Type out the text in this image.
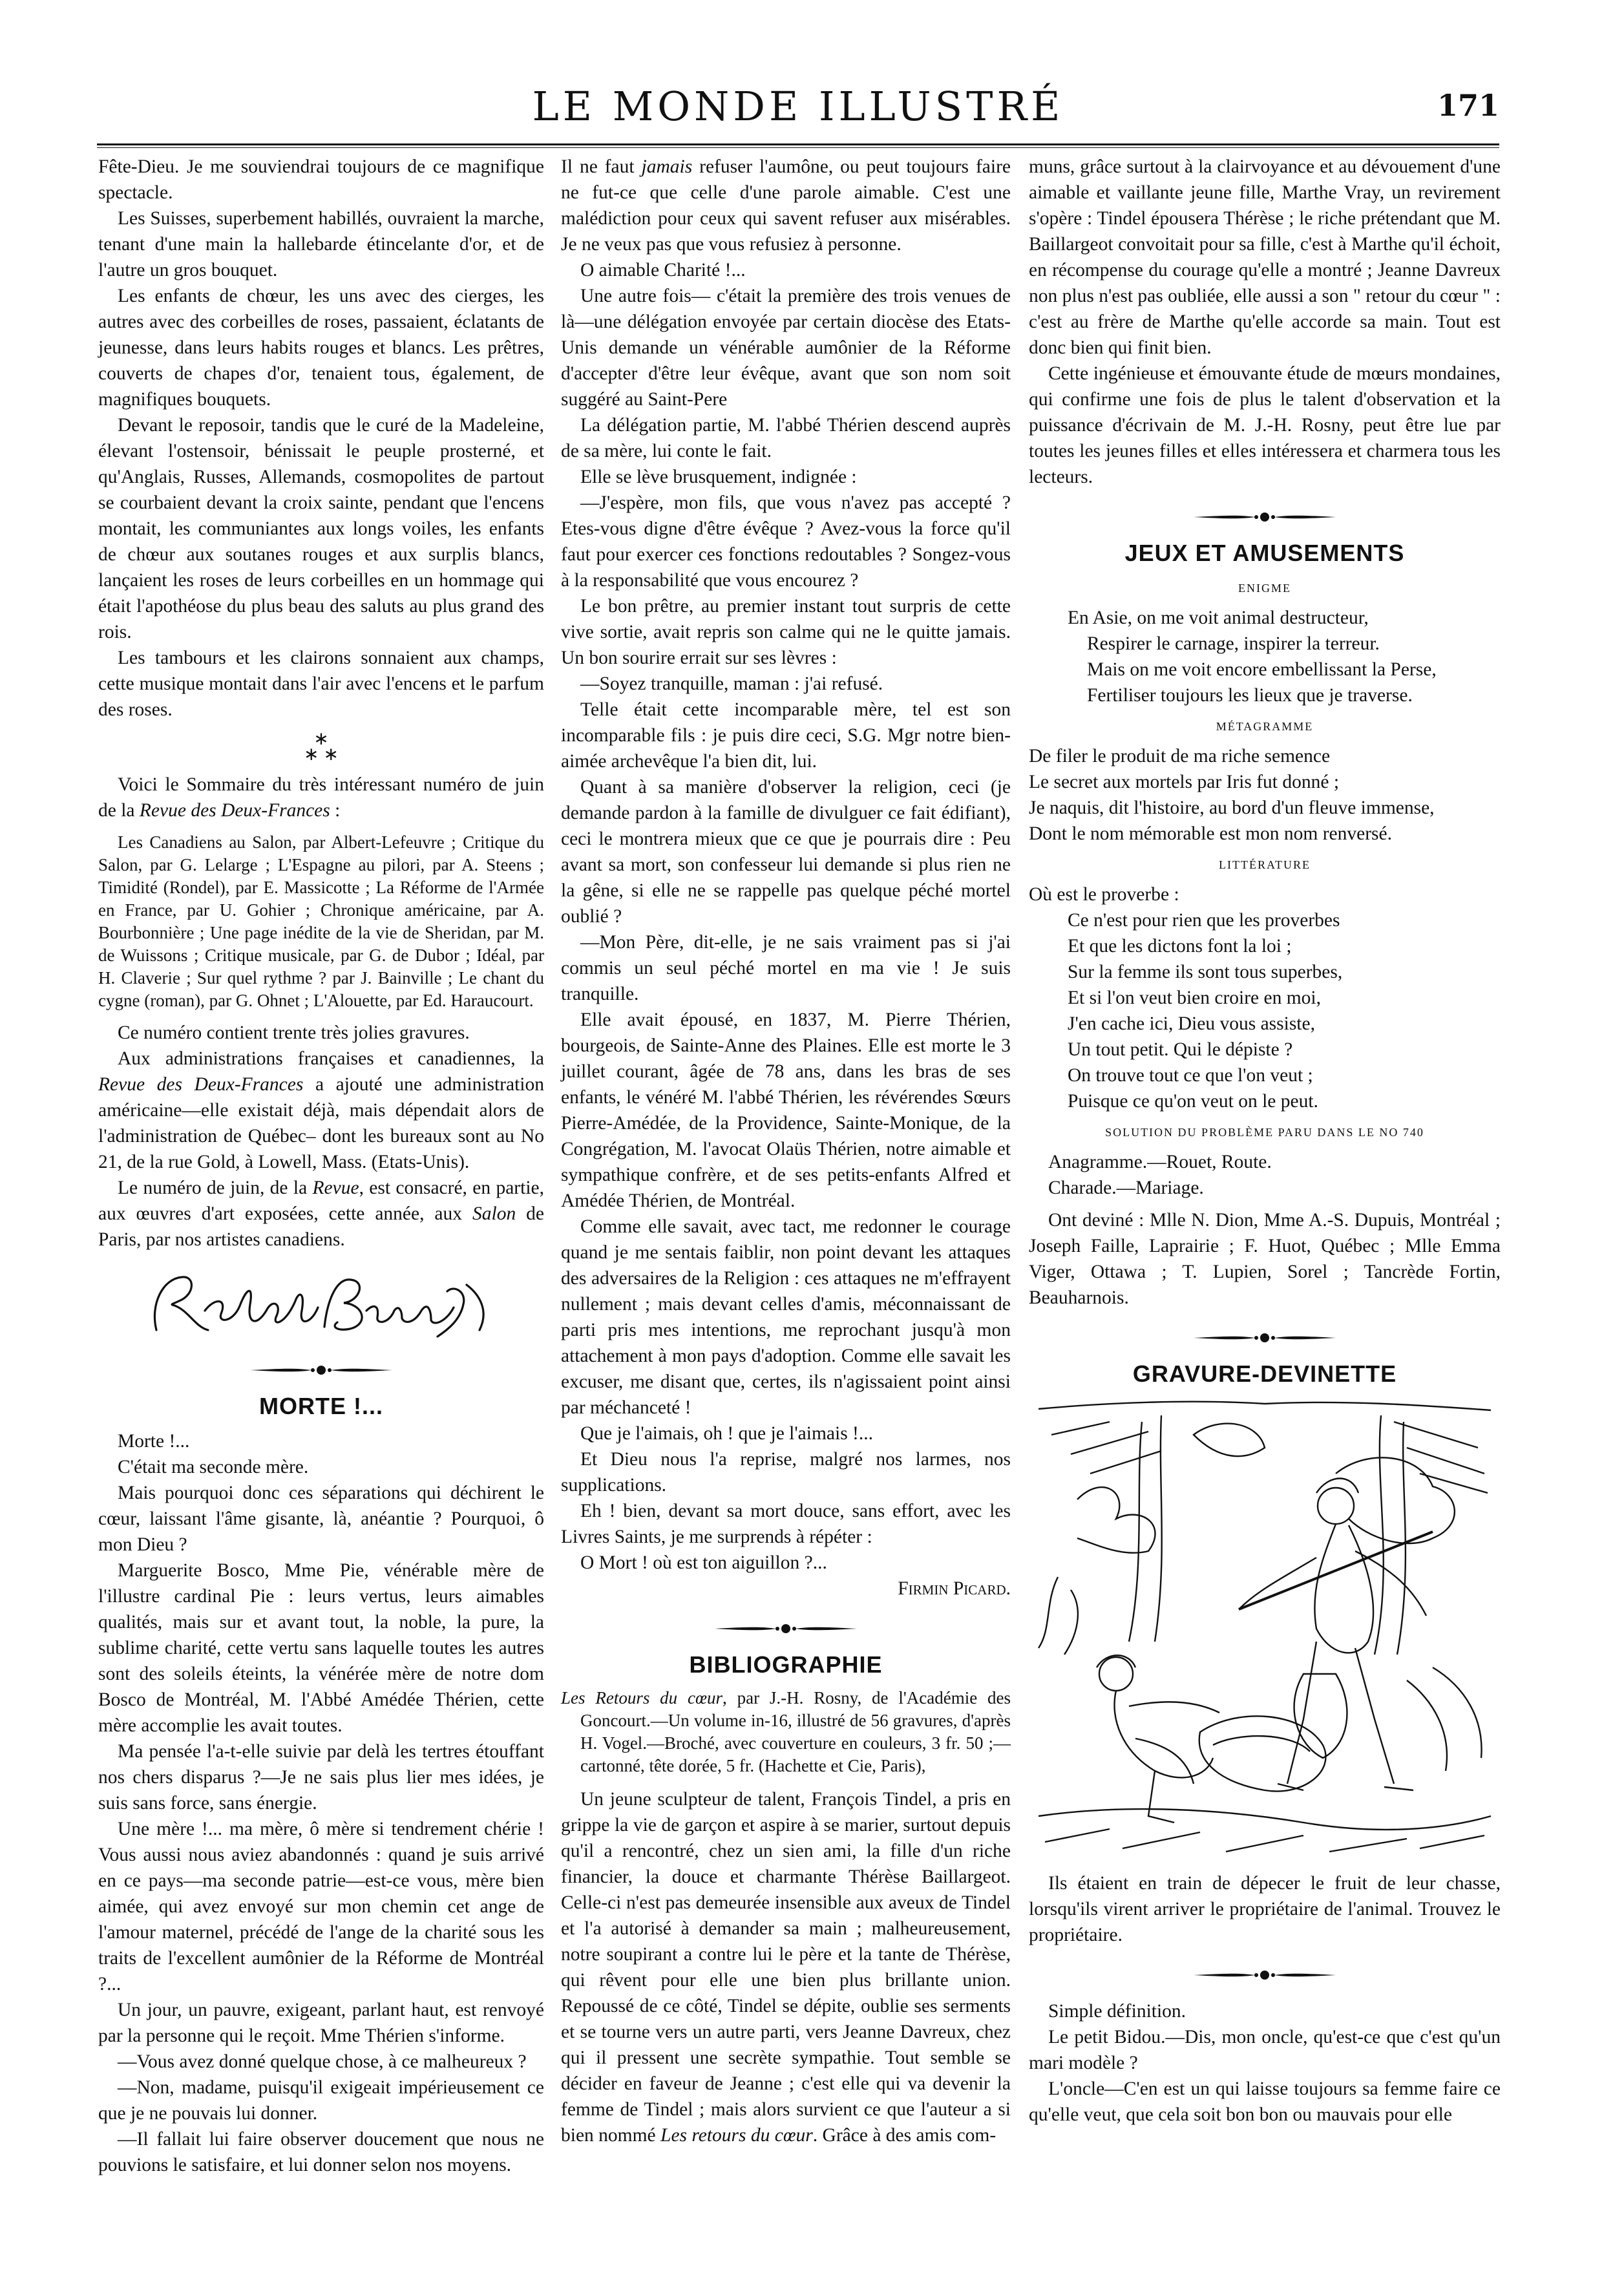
LE MONDE ILLUSTRÉ	171

Fête-Dieu. Je me souviendrai toujours de ce magnifique spectacle.

Les Suisses, superbement habillés, ouvraient la marche, tenant d'une main la hallebarde étincelante d'or, et de l'autre un gros bouquet.

Les enfants de chœur, les uns avec des cierges, les autres avec des corbeilles de roses, passaient, éclatants de jeunesse, dans leurs habits rouges et blancs. Les prêtres, couverts de chapes d'or, tenaient tous, également, de magnifiques bouquets.

Devant le reposoir, tandis que le curé de la Madeleine, élevant l'ostensoir, bénissait le peuple prosterné, et qu'Anglais, Russes, Allemands, cosmopolites de partout se courbaient devant la croix sainte, pendant que l'encens montait, les communiantes aux longs voiles, les enfants de chœur aux soutanes rouges et aux surplis blancs, lançaient les roses de leurs corbeilles en un hommage qui était l'apothéose du plus beau des saluts au plus grand des rois.

Les tambours et les clairons sonnaient aux champs, cette musique montait dans l'air avec l'encens et le parfum des roses.

∗
∗ ∗

Voici le Sommaire du très intéressant numéro de juin de la Revue des Deux-Frances :

Les Canadiens au Salon, par Albert-Lefeuvre ; Critique du Salon, par G. Lelarge ; L'Espagne au pilori, par A. Steens ; Timidité (Rondel), par E. Massicotte ; La Réforme de l'Armée en France, par U. Gohier ; Chronique américaine, par A. Bourbonnière ; Une page inédite de la vie de Sheridan, par M. de Wuissons ; Critique musicale, par G. de Dubor ; Idéal, par H. Claverie ; Sur quel rythme ? par J. Bainville ; Le chant du cygne (roman), par G. Ohnet ; L'Alouette, par Ed. Haraucourt.

Ce numéro contient trente très jolies gravures.

Aux administrations françaises et canadiennes, la Revue des Deux-Frances a ajouté une administration américaine—elle existait déjà, mais dépendait alors de l'administration de Québec– dont les bureaux sont au No 21, de la rue Gold, à Lowell, Mass. (Etats-Unis).

Le numéro de juin, de la Revue, est consacré, en partie, aux œuvres d'art exposées, cette année, aux Salon de Paris, par nos artistes canadiens.

MORTE !...

Morte !...

C'était ma seconde mère.

Mais pourquoi donc ces séparations qui déchirent le cœur, laissant l'âme gisante, là, anéantie ? Pourquoi, ô mon Dieu ?

Marguerite Bosco, Mme Pie, vénérable mère de l'illustre cardinal Pie : leurs vertus, leurs aimables qualités, mais sur et avant tout, la noble, la pure, la sublime charité, cette vertu sans laquelle toutes les autres sont des soleils éteints, la vénérée mère de notre dom Bosco de Montréal, M. l'Abbé Amédée Thérien, cette mère accomplie les avait toutes.

Ma pensée l'a-t-elle suivie par delà les tertres étouffant nos chers disparus ?—Je ne sais plus lier mes idées, je suis sans force, sans énergie.

Une mère !... ma mère, ô mère si tendrement chérie ! Vous aussi nous aviez abandonnés : quand je suis arrivé en ce pays—ma seconde patrie—est-ce vous, mère bien aimée, qui avez envoyé sur mon chemin cet ange de l'amour maternel, précédé de l'ange de la charité sous les traits de l'excellent aumônier de la Réforme de Montréal ?...

Un jour, un pauvre, exigeant, parlant haut, est renvoyé par la personne qui le reçoit. Mme Thérien s'informe.

—Vous avez donné quelque chose, à ce malheureux ?

—Non, madame, puisqu'il exigeait impérieusement ce que je ne pouvais lui donner.

—Il fallait lui faire observer doucement que nous ne pouvions le satisfaire, et lui donner selon nos moyens.

Il ne faut jamais refuser l'aumône, ou peut toujours faire ne fut-ce que celle d'une parole aimable. C'est une malédiction pour ceux qui savent refuser aux misérables. Je ne veux pas que vous refusiez à personne.

O aimable Charité !...

Une autre fois— c'était la première des trois venues de là—une délégation envoyée par certain diocèse des Etats-Unis demande un vénérable aumônier de la Réforme d'accepter d'être leur évêque, avant que son nom soit suggéré au Saint-Pere

La délégation partie, M. l'abbé Thérien descend auprès de sa mère, lui conte le fait.

Elle se lève brusquement, indignée :

—J'espère, mon fils, que vous n'avez pas accepté ? Etes-vous digne d'être évêque ? Avez-vous la force qu'il faut pour exercer ces fonctions redoutables ? Songez-vous à la responsabilité que vous encourez ?

Le bon prêtre, au premier instant tout surpris de cette vive sortie, avait repris son calme qui ne le quitte jamais. Un bon sourire errait sur ses lèvres :

—Soyez tranquille, maman : j'ai refusé.

Telle était cette incomparable mère, tel est son incomparable fils : je puis dire ceci, S.G. Mgr notre bien-aimée archevêque l'a bien dit, lui.

Quant à sa manière d'observer la religion, ceci (je demande pardon à la famille de divulguer ce fait édifiant), ceci le montrera mieux que ce que je pourrais dire : Peu avant sa mort, son confesseur lui demande si plus rien ne la gêne, si elle ne se rappelle pas quelque péché mortel oublié ?

—Mon Père, dit-elle, je ne sais vraiment pas si j'ai commis un seul péché mortel en ma vie ! Je suis tranquille.

Elle avait épousé, en 1837, M. Pierre Thérien, bourgeois, de Sainte-Anne des Plaines. Elle est morte le 3 juillet courant, âgée de 78 ans, dans les bras de ses enfants, le vénéré M. l'abbé Thérien, les révérendes Sœurs Pierre-Amédée, de la Providence, Sainte-Monique, de la Congrégation, M. l'avocat Olaüs Thérien, notre aimable et sympathique confrère, et de ses petits-enfants Alfred et Amédée Thérien, de Montréal.

Comme elle savait, avec tact, me redonner le courage quand je me sentais faiblir, non point devant les attaques des adversaires de la Religion : ces attaques ne m'effrayent nullement ; mais devant celles d'amis, méconnaissant de parti pris mes intentions, me reprochant jusqu'à mon attachement à mon pays d'adoption. Comme elle savait les excuser, me disant que, certes, ils n'agissaient point ainsi par méchanceté !

Que je l'aimais, oh ! que je l'aimais !...

Et Dieu nous l'a reprise, malgré nos larmes, nos supplications.

Eh ! bien, devant sa mort douce, sans effort, avec les Livres Saints, je me surprends à répéter :

O Mort ! où est ton aiguillon ?...

Firmin Picard.

BIBLIOGRAPHIE

Les Retours du cœur, par J.-H. Rosny, de l'Académie des Goncourt.—Un volume in-16, illustré de 56 gravures, d'après H. Vogel.—Broché, avec couverture en couleurs, 3 fr. 50 ;—cartonné, tête dorée, 5 fr. (Hachette et Cie, Paris),

Un jeune sculpteur de talent, François Tindel, a pris en grippe la vie de garçon et aspire à se marier, surtout depuis qu'il a rencontré, chez un sien ami, la fille d'un riche financier, la douce et charmante Thérèse Baillargeot. Celle-ci n'est pas demeurée insensible aux aveux de Tindel et l'a autorisé à demander sa main ; malheureusement, notre soupirant a contre lui le père et la tante de Thérèse, qui rêvent pour elle une bien plus brillante union. Repoussé de ce côté, Tindel se dépite, oublie ses serments et se tourne vers un autre parti, vers Jeanne Davreux, chez qui il pressent une secrète sympathie. Tout semble se décider en faveur de Jeanne ; c'est elle qui va devenir la femme de Tindel ; mais alors survient ce que l'auteur a si bien nommé Les retours du cœur. Grâce à des amis com-

muns, grâce surtout à la clairvoyance et au dévouement d'une aimable et vaillante jeune fille, Marthe Vray, un revirement s'opère : Tindel épousera Thérèse ; le riche prétendant que M. Baillargeot convoitait pour sa fille, c'est à Marthe qu'il échoit, en récompense du courage qu'elle a montré ; Jeanne Davreux non plus n'est pas oubliée, elle aussi a son " retour du cœur " : c'est au frère de Marthe qu'elle accorde sa main. Tout est donc bien qui finit bien.

Cette ingénieuse et émouvante étude de mœurs mondaines, qui confirme une fois de plus le talent d'observation et la puissance d'écrivain de M. J.-H. Rosny, peut être lue par toutes les jeunes filles et elles intéressera et charmera tous les lecteurs.

JEUX ET AMUSEMENTS
ENIGME

En Asie, on me voit animal destructeur,

Respirer le carnage, inspirer la terreur.

Mais on me voit encore embellissant la Perse,

Fertiliser toujours les lieux que je traverse.

MÉTAGRAMME

De filer le produit de ma riche semence

Le secret aux mortels par Iris fut donné ;

Je naquis, dit l'histoire, au bord d'un fleuve immense,

Dont le nom mémorable est mon nom renversé.

LITTÉRATURE

Où est le proverbe :

Ce n'est pour rien que les proverbes

Et que les dictons font la loi ;

Sur la femme ils sont tous superbes,

Et si l'on veut bien croire en moi,

J'en cache ici, Dieu vous assiste,

Un tout petit. Qui le dépiste ?

On trouve tout ce que l'on veut ;

Puisque ce qu'on veut on le peut.

SOLUTION DU PROBLÈME PARU DANS LE NO 740

Anagramme.—Rouet, Route.

Charade.—Mariage.

Ont deviné : Mlle N. Dion, Mme A.-S. Dupuis, Montréal ; Joseph Faille, Laprairie ; F. Huot, Québec ; Mlle Emma Viger, Ottawa ; T. Lupien, Sorel ; Tancrède Fortin, Beauharnois.

GRAVURE-DEVINETTE

Ils étaient en train de dépecer le fruit de leur chasse, lorsqu'ils virent arriver le propriétaire de l'animal. Trouvez le propriétaire.

Simple définition.

Le petit Bidou.—Dis, mon oncle, qu'est-ce que c'est qu'un mari modèle ?

L'oncle—C'en est un qui laisse toujours sa femme faire ce qu'elle veut, que cela soit bon bon ou mauvais pour elle
